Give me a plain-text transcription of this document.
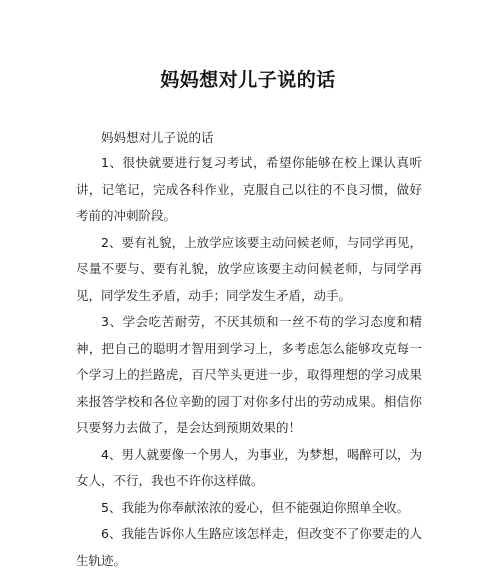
妈妈想对儿子说的话

妈妈想对儿子说的话

1、很快就要进行复习考试，希望你能够在校上课认真听讲，记笔记，完成各科作业，克服自己以往的不良习惯，做好考前的冲刺阶段。

2、要有礼貌，上放学应该要主动问候老师，与同学再见，尽量不要与、要有礼貌，放学应该要主动问候老师，与同学再见，同学发生矛盾，动手；同学发生矛盾，动手。

3、学会吃苦耐劳，不厌其烦和一丝不苟的学习态度和精神，把自己的聪明才智用到学习上，多考虑怎么能够攻克每一个学习上的拦路虎，百尺竿头更进一步，取得理想的学习成果来报答学校和各位辛勤的园丁对你多付出的劳动成果。相信你只要努力去做了，是会达到预期效果的！

4、男人就要像一个男人，为事业，为梦想，喝醉可以，为女人，不行，我也不许你这样做。

5、我能为你奉献浓浓的爱心，但不能强迫你照单全收。

6、我能告诉你人生路应该怎样走，但改变不了你要走的人生轨迹。
